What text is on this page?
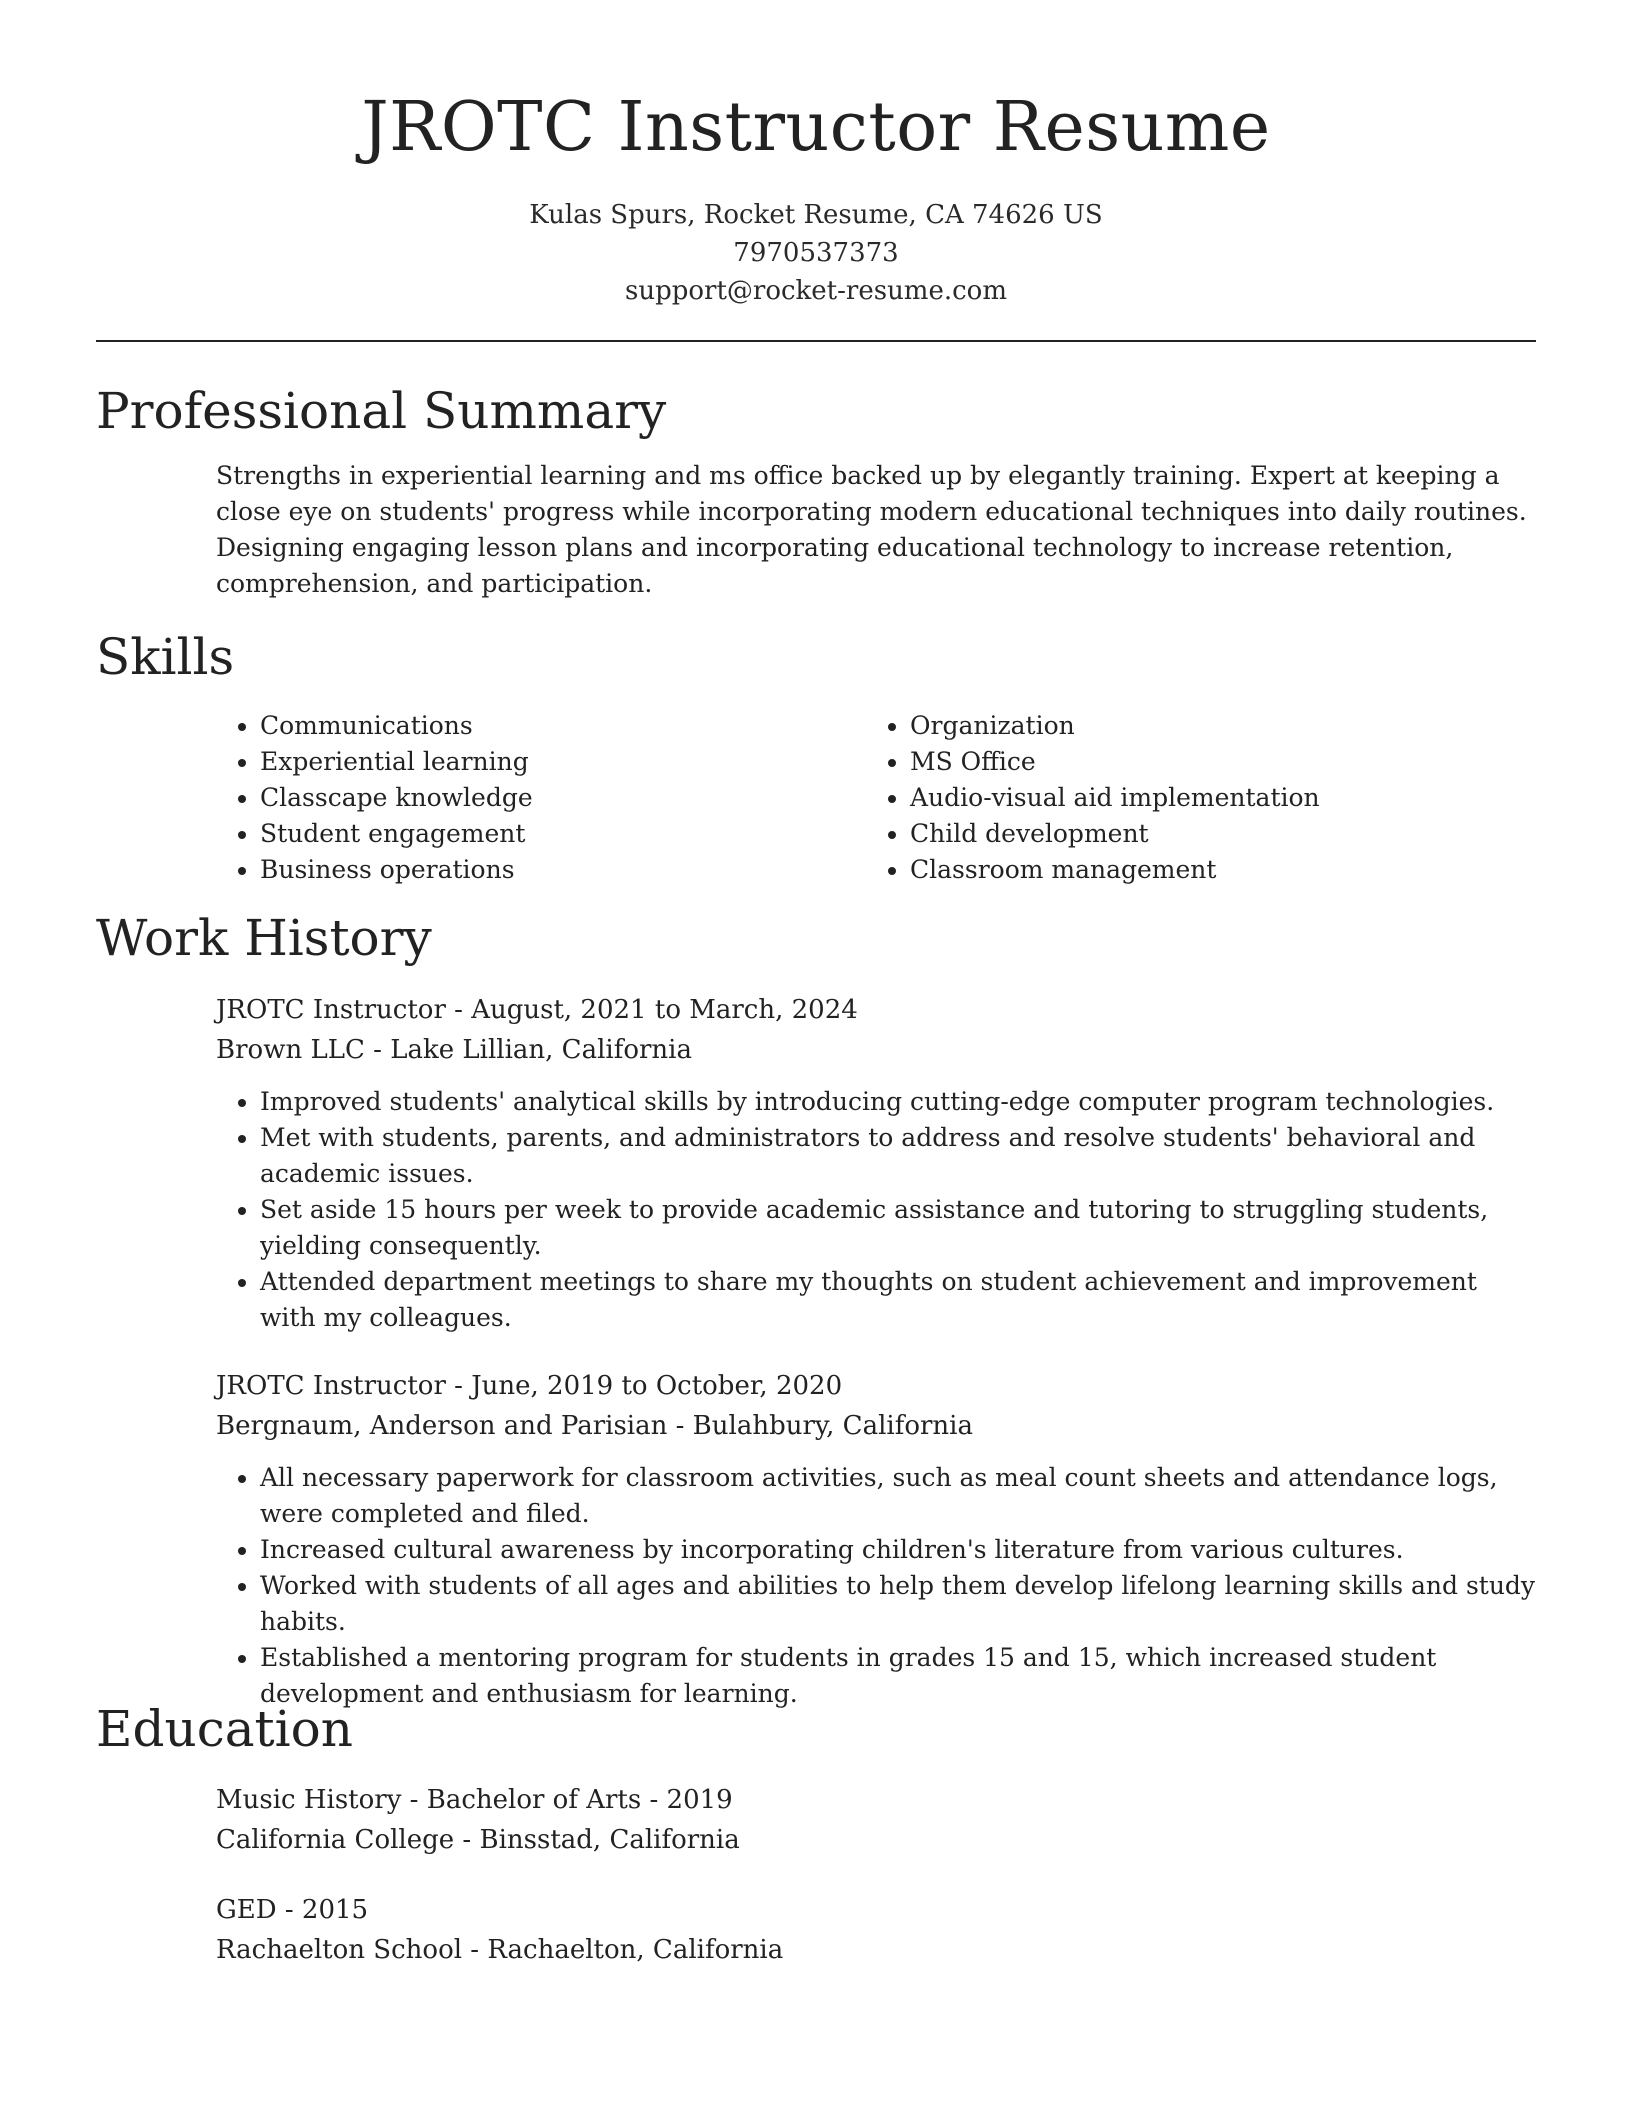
JROTC Instructor Resume
Kulas Spurs, Rocket Resume, CA 74626 US
7970537373
support@rocket-resume.com
Professional Summary
Strengths in experiential learning and ms office backed up by elegantly training. Expert at keeping a close eye on students' progress while incorporating modern educational techniques into daily routines. Designing engaging lesson plans and incorporating educational technology to increase retention, comprehension, and participation.
Skills
• Communications
• Experiential learning
• Classcape knowledge
• Student engagement
• Business operations
• Organization
• MS Office
• Audio-visual aid implementation
• Child development
• Classroom management
Work History
JROTC Instructor - August, 2021 to March, 2024
Brown LLC - Lake Lillian, California
• Improved students' analytical skills by introducing cutting-edge computer program technologies.
• Met with students, parents, and administrators to address and resolve students' behavioral and academic issues.
• Set aside 15 hours per week to provide academic assistance and tutoring to struggling students, yielding consequently.
• Attended department meetings to share my thoughts on student achievement and improvement with my colleagues.
JROTC Instructor - June, 2019 to October, 2020
Bergnaum, Anderson and Parisian - Bulahbury, California
• All necessary paperwork for classroom activities, such as meal count sheets and attendance logs, were completed and filed.
• Increased cultural awareness by incorporating children's literature from various cultures.
• Worked with students of all ages and abilities to help them develop lifelong learning skills and study habits.
• Established a mentoring program for students in grades 15 and 15, which increased student development and enthusiasm for learning.
Education
Music History - Bachelor of Arts - 2019
California College - Binsstad, California
GED - 2015
Rachaelton School - Rachaelton, California
